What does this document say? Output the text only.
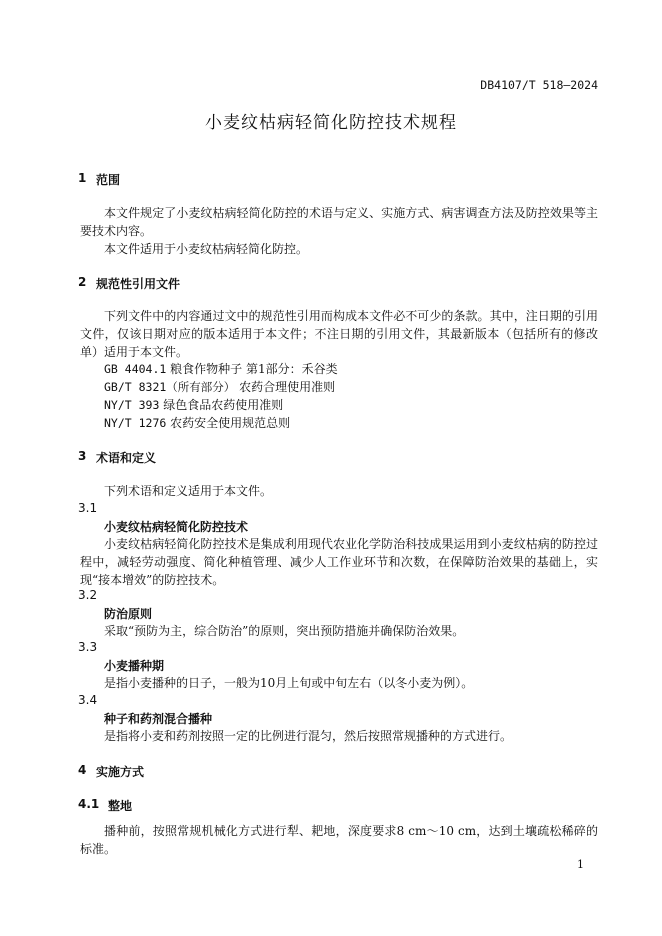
DB4107/T 518—2024
小麦纹枯病轻简化防控技术规程
1 范围
本文件规定了小麦纹枯病轻简化防控的术语与定义、实施方式、病害调查方法及防控效果等主要技术内容。
本文件适用于小麦纹枯病轻简化防控。
2 规范性引用文件
下列文件中的内容通过文中的规范性引用而构成本文件必不可少的条款。其中，注日期的引用文件，仅该日期对应的版本适用于本文件；不注日期的引用文件，其最新版本（包括所有的修改单）适用于本文件。
GB 4404.1 粮食作物种子 第1部分：禾谷类
GB/T 8321（所有部分） 农药合理使用准则
NY/T 393 绿色食品农药使用准则
NY/T 1276 农药安全使用规范总则
3 术语和定义
下列术语和定义适用于本文件。
3.1
小麦纹枯病轻简化防控技术
小麦纹枯病轻简化防控技术是集成利用现代农业化学防治科技成果运用到小麦纹枯病的防控过程中，减轻劳动强度、简化种植管理、减少人工作业环节和次数，在保障防治效果的基础上，实现“接本增效”的防控技术。
3.2
防治原则
采取“预防为主，综合防治”的原则，突出预防措施并确保防治效果。
3.3
小麦播种期
是指小麦播种的日子，一般为10月上旬或中旬左右（以冬小麦为例）。
3.4
种子和药剂混合播种
是指将小麦和药剂按照一定的比例进行混匀，然后按照常规播种的方式进行。
4 实施方式
4.1 整地
播种前，按照常规机械化方式进行犁、耙地，深度要求8 cm～10 cm，达到土壤疏松稀碎的标准。
1
